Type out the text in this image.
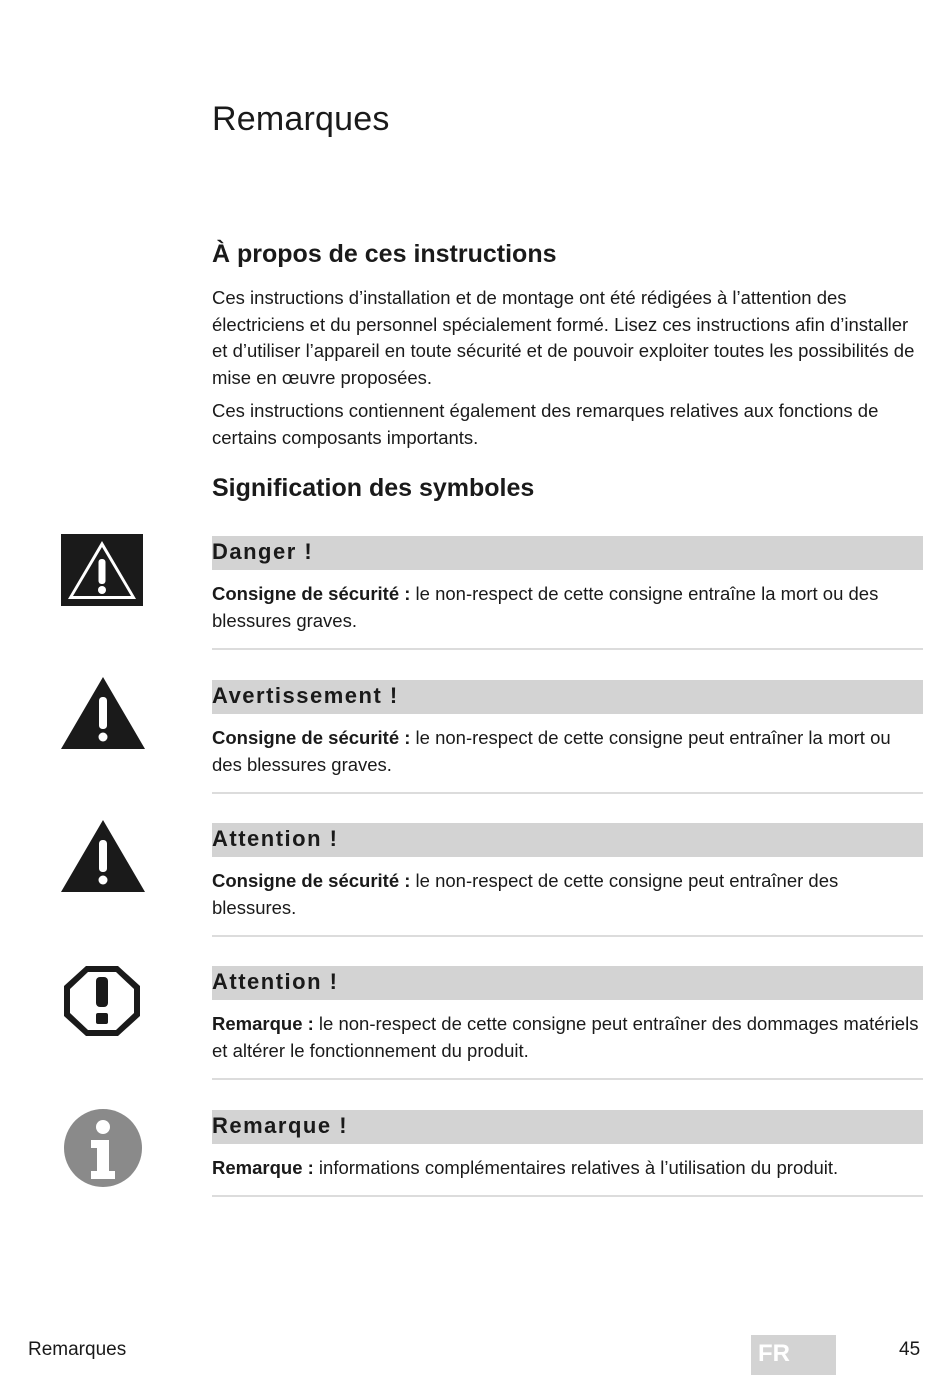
Remarques
À propos de ces instructions

Ces instructions d’installation et de montage ont été rédigées à l’attention des électriciens et du personnel spécialement formé. Lisez ces instructions afin d’installer et d’utiliser l’appareil en toute sécurité et de pouvoir exploiter toutes les possibilités de mise en œuvre proposées.

Ces instructions contiennent également des remarques relatives aux fonctions de certains composants importants.

Signification des symboles
Danger !

Consigne de sécurité : le non-respect de cette consigne entraîne la mort ou des blessures graves.

Avertissement !

Consigne de sécurité : le non-respect de cette consigne peut entraîner la mort ou des blessures graves.

Attention !

Consigne de sécurité : le non-respect de cette consigne peut entraîner des blessures.

Attention !

Remarque : le non-respect de cette consigne peut entraîner des dommages matériels et altérer le fonctionnement du produit.

Remarque !

Remarque : informations complémentaires relatives à l’utilisation du produit.

Remarques	FR	45
